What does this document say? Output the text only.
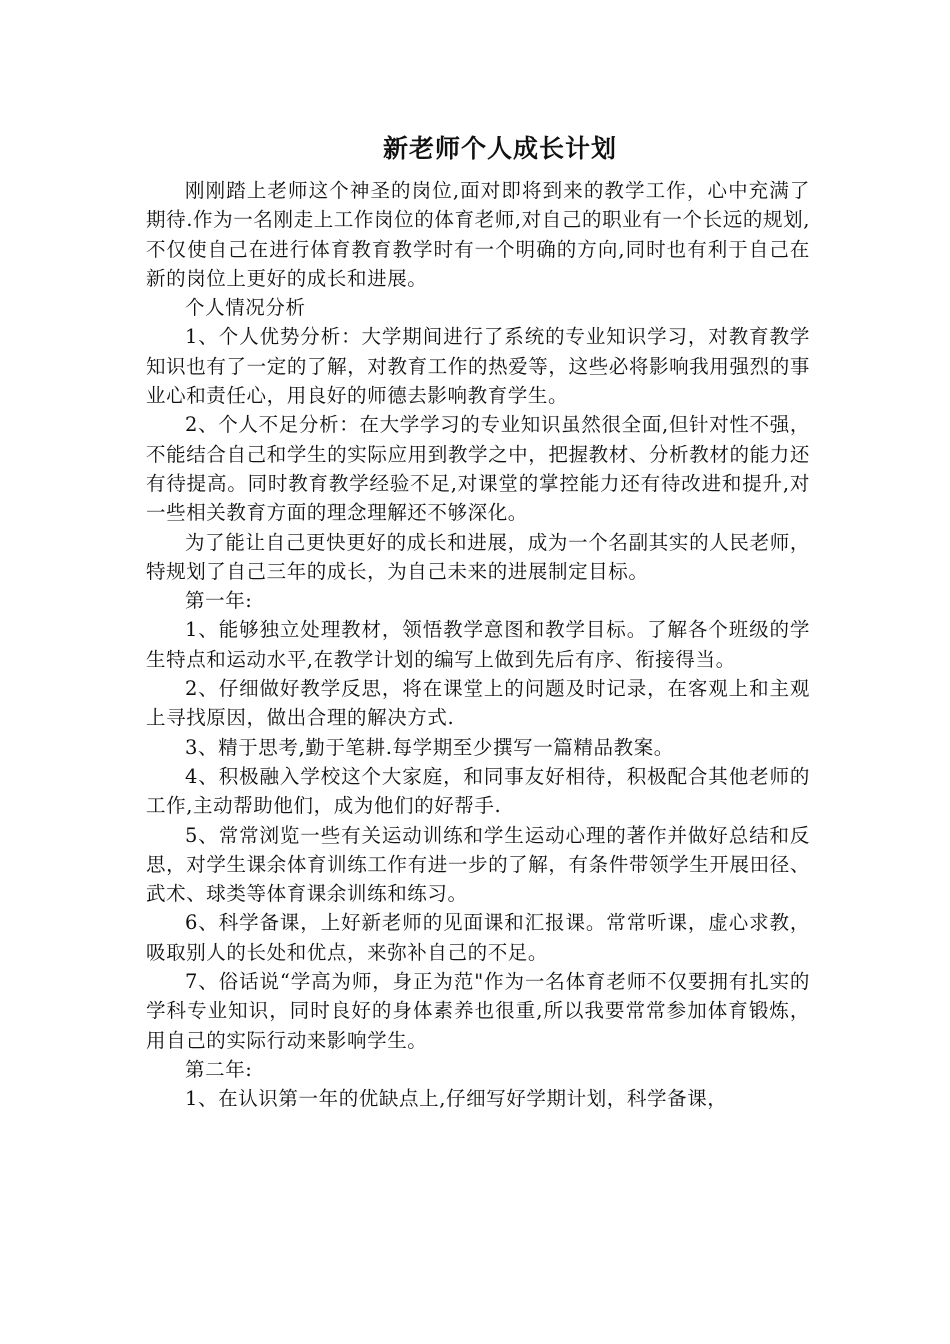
新老师个人成长计划

刚刚踏上老师这个神圣的岗位,面对即将到来的教学工作，心中充满了期待.作为一名刚走上工作岗位的体育老师,对自己的职业有一个长远的规划,不仅使自己在进行体育教育教学时有一个明确的方向,同时也有利于自己在新的岗位上更好的成长和进展。

个人情况分析

1、个人优势分析：大学期间进行了系统的专业知识学习，对教育教学知识也有了一定的了解，对教育工作的热爱等，这些必将影响我用强烈的事业心和责任心，用良好的师德去影响教育学生。

2、个人不足分析：在大学学习的专业知识虽然很全面,但针对性不强，不能结合自己和学生的实际应用到教学之中，把握教材、分析教材的能力还有待提高。同时教育教学经验不足,对课堂的掌控能力还有待改进和提升,对一些相关教育方面的理念理解还不够深化。

为了能让自己更快更好的成长和进展，成为一个名副其实的人民老师，特规划了自己三年的成长，为自己未来的进展制定目标。

第一年:

1、能够独立处理教材，领悟教学意图和教学目标。了解各个班级的学生特点和运动水平,在教学计划的编写上做到先后有序、衔接得当。

2、仔细做好教学反思，将在课堂上的问题及时记录，在客观上和主观上寻找原因，做出合理的解决方式.

3、精于思考,勤于笔耕.每学期至少撰写一篇精品教案。

4、积极融入学校这个大家庭，和同事友好相待，积极配合其他老师的工作,主动帮助他们，成为他们的好帮手.

5、常常浏览一些有关运动训练和学生运动心理的著作并做好总结和反思，对学生课余体育训练工作有进一步的了解，有条件带领学生开展田径、武术、球类等体育课余训练和练习。

6、科学备课，上好新老师的见面课和汇报课。常常听课，虚心求教，吸取别人的长处和优点，来弥补自己的不足。

7、俗话说“学高为师，身正为范"作为一名体育老师不仅要拥有扎实的学科专业知识，同时良好的身体素养也很重,所以我要常常参加体育锻炼，用自己的实际行动来影响学生。

第二年:

1、在认识第一年的优缺点上,仔细写好学期计划，科学备课，
